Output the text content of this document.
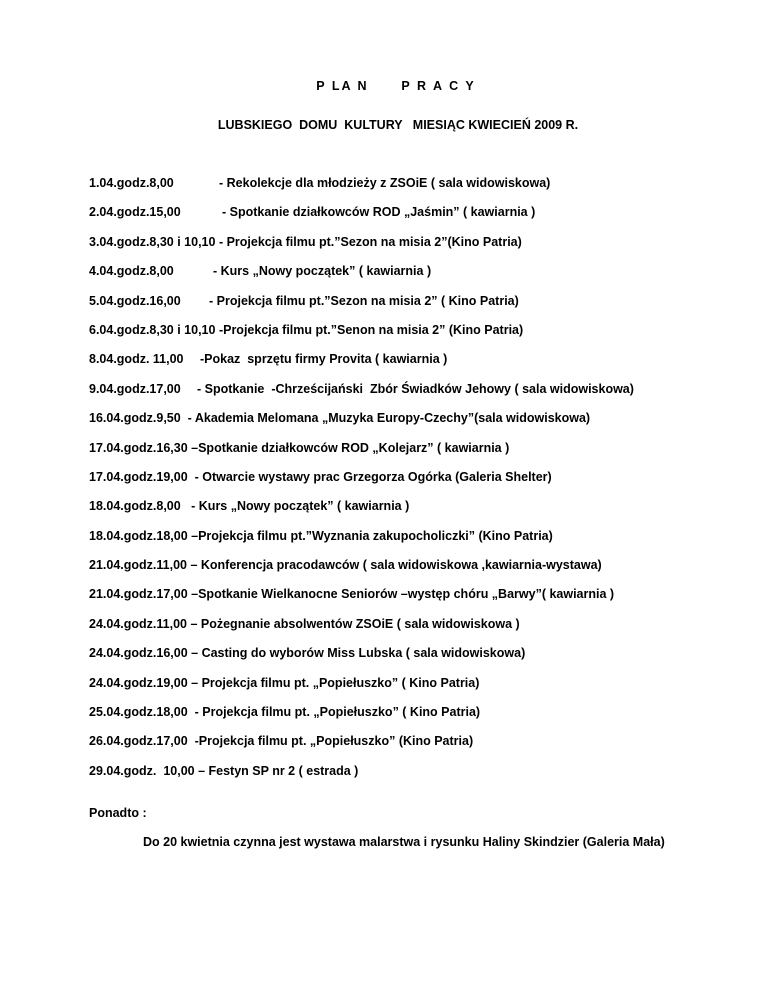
P LA N      P R A C Y

LUBSKIEGO  DOMU  KULTURY   MIESIĄC KWIECIEŃ 2009 R.

1.04.godz.8,00	- Rekolekcje dla młodzieży z ZSOiE ( sala widowiskowa)
2.04.godz.15,00	- Spotkanie działkowców ROD „Jaśmin” ( kawiarnia )
3.04.godz.8,30 i 10,10 - Projekcja filmu pt.”Sezon na misia 2”(Kino Patria)
4.04.godz.8,00	- Kurs „Nowy początek” ( kawiarnia )
5.04.godz.16,00 - Projekcja filmu pt.”Sezon na misia 2” ( Kino Patria)
6.04.godz.8,30 i 10,10 -Projekcja filmu pt.”Senon na misia 2” (Kino Patria)
8.04.godz. 11,00 -Pokaz  sprzętu firmy Provita ( kawiarnia )
9.04.godz.17,00 - Spotkanie  -Chrześcijański  Zbór Świadków Jehowy ( sala widowiskowa)
16.04.godz.9,50  - Akademia Melomana „Muzyka Europy-Czechy”(sala widowiskowa)
17.04.godz.16,30 –Spotkanie działkowców ROD „Kolejarz” ( kawiarnia )
17.04.godz.19,00  - Otwarcie wystawy prac Grzegorza Ogórka (Galeria Shelter)
18.04.godz.8,00   - Kurs „Nowy początek” ( kawiarnia )
18.04.godz.18,00 –Projekcja filmu pt.”Wyznania zakupocholiczki” (Kino Patria)
21.04.godz.11,00 – Konferencja pracodawców ( sala widowiskowa ,kawiarnia-wystawa)
21.04.godz.17,00 –Spotkanie Wielkanocne Seniorów –występ chóru „Barwy”( kawiarnia )
24.04.godz.11,00 – Pożegnanie absolwentów ZSOiE ( sala widowiskowa )
24.04.godz.16,00 – Casting do wyborów Miss Lubska ( sala widowiskowa)
24.04.godz.19,00 – Projekcja filmu pt. „Popiełuszko” ( Kino Patria)
25.04.godz.18,00  - Projekcja filmu pt. „Popiełuszko” ( Kino Patria)
26.04.godz.17,00  -Projekcja filmu pt. „Popiełuszko” (Kino Patria)
29.04.godz.  10,00 – Festyn SP nr 2 ( estrada )

Ponadto :

Do 20 kwietnia czynna jest wystawa malarstwa i rysunku Haliny Skindzier (Galeria Mała)
